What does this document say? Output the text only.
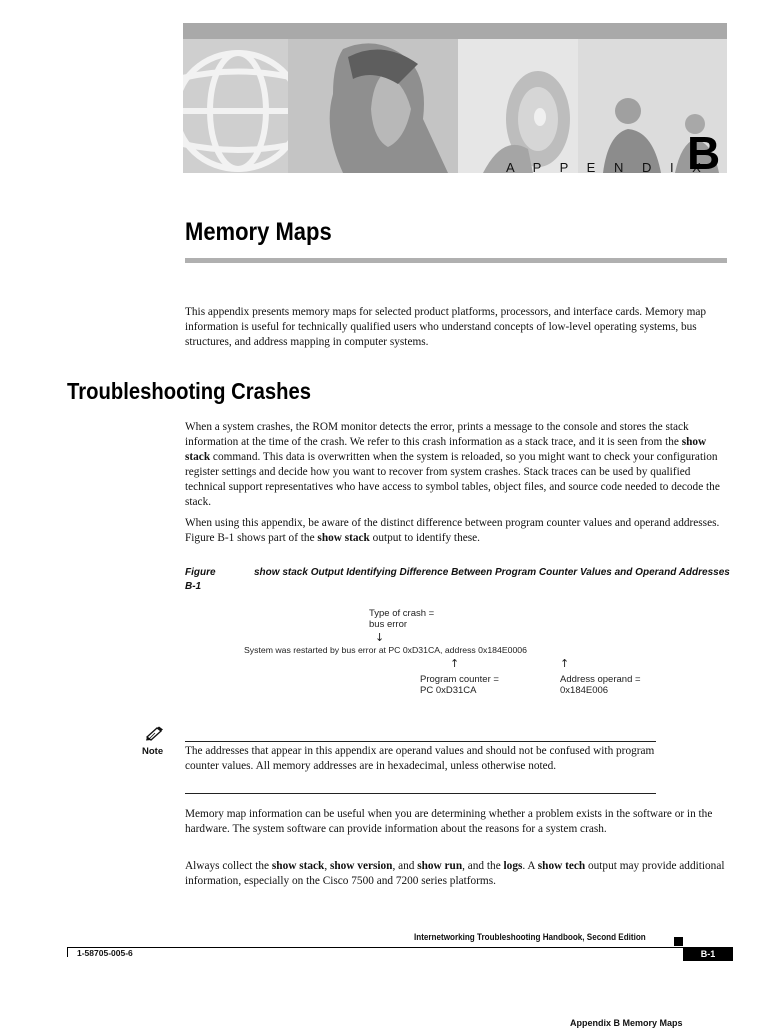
A P P E N D I X
B
Memory Maps

This appendix presents memory maps for selected product platforms, processors, and interface cards. Memory map information is useful for technically qualified users who understand concepts of low-level operating systems, bus structures, and address mapping in computer systems.

Troubleshooting Crashes

When a system crashes, the ROM monitor detects the error, prints a message to the console and stores the stack information at the time of the crash. We refer to this crash information as a stack trace, and it is seen from the show stack command. This data is overwritten when the system is reloaded, so you might want to check your configuration register settings and decide how you want to recover from system crashes. Stack traces can be used by qualified technical support representatives who have access to symbol tables, object files, and source code needed to decode the stack.

When using this appendix, be aware of the distinct difference between program counter values and operand addresses. Figure B-1 shows part of the show stack output to identify these.

Figure B-1
show stack Output Identifying Difference Between Program Counter Values and Operand Addresses
Type of crash =
bus error
↓
System was restarted by bus error at PC 0xD31CA, address 0x184E0006
↑	↑
Program counter =
PC 0xD31CA
Address operand =
0x184E006
Note The addresses that appear in this appendix are operand values and should not be confused with program counter values. All memory addresses are in hexadecimal, unless otherwise noted.

Memory map information can be useful when you are determining whether a problem exists in the software or in the hardware. The system software can provide information about the reasons for a system crash.

Always collect the show stack, show version, and show run, and the logs. A show tech output may provide additional information, especially on the Cisco 7500 and 7200 series platforms.

Internetworking Troubleshooting Handbook, Second Edition
1-58705-005-6	B-1
Appendix B Memory Maps
